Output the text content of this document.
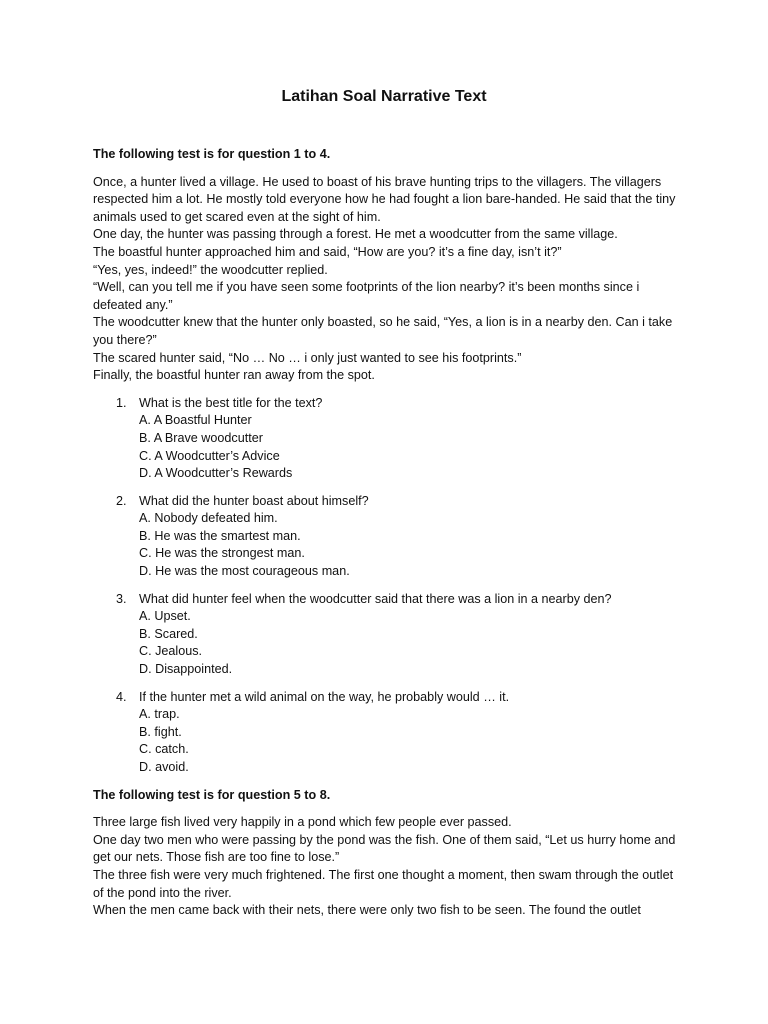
Latihan Soal Narrative Text
The following test is for question 1 to 4.
Once, a hunter lived a village. He used to boast of his brave hunting trips to the villagers. The villagers respected him a lot. He mostly told everyone how he had fought a lion bare-handed. He said that the tiny animals used to get scared even at the sight of him.
One day, the hunter was passing through a forest. He met a woodcutter from the same village.
The boastful hunter approached him and said, “How are you? it’s a fine day, isn’t it?”
“Yes, yes, indeed!” the woodcutter replied.
“Well, can you tell me if you have seen some footprints of the lion nearby? it’s been months since i defeated any.”
The woodcutter knew that the hunter only boasted, so he said, “Yes, a lion is in a nearby den. Can i take you there?”
The scared hunter said, “No … No … i only just wanted to see his footprints.”
Finally, the boastful hunter ran away from the spot.
1. What is the best title for the text?
A. A Boastful Hunter
B. A Brave woodcutter
C. A Woodcutter’s Advice
D. A Woodcutter’s Rewards
2. What did the hunter boast about himself?
A. Nobody defeated him.
B. He was the smartest man.
C. He was the strongest man.
D. He was the most courageous man.
3. What did hunter feel when the woodcutter said that there was a lion in a nearby den?
A. Upset.
B. Scared.
C. Jealous.
D. Disappointed.
4. If the hunter met a wild animal on the way, he probably would … it.
A. trap.
B. fight.
C. catch.
D. avoid.
The following test is for question 5 to 8.
Three large fish lived very happily in a pond which few people ever passed.
One day two men who were passing by the pond was the fish. One of them said, “Let us hurry home and get our nets. Those fish are too fine to lose.”
The three fish were very much frightened. The first one thought a moment, then swam through the outlet of the pond into the river.
When the men came back with their nets, there were only two fish to be seen. The found the outlet
